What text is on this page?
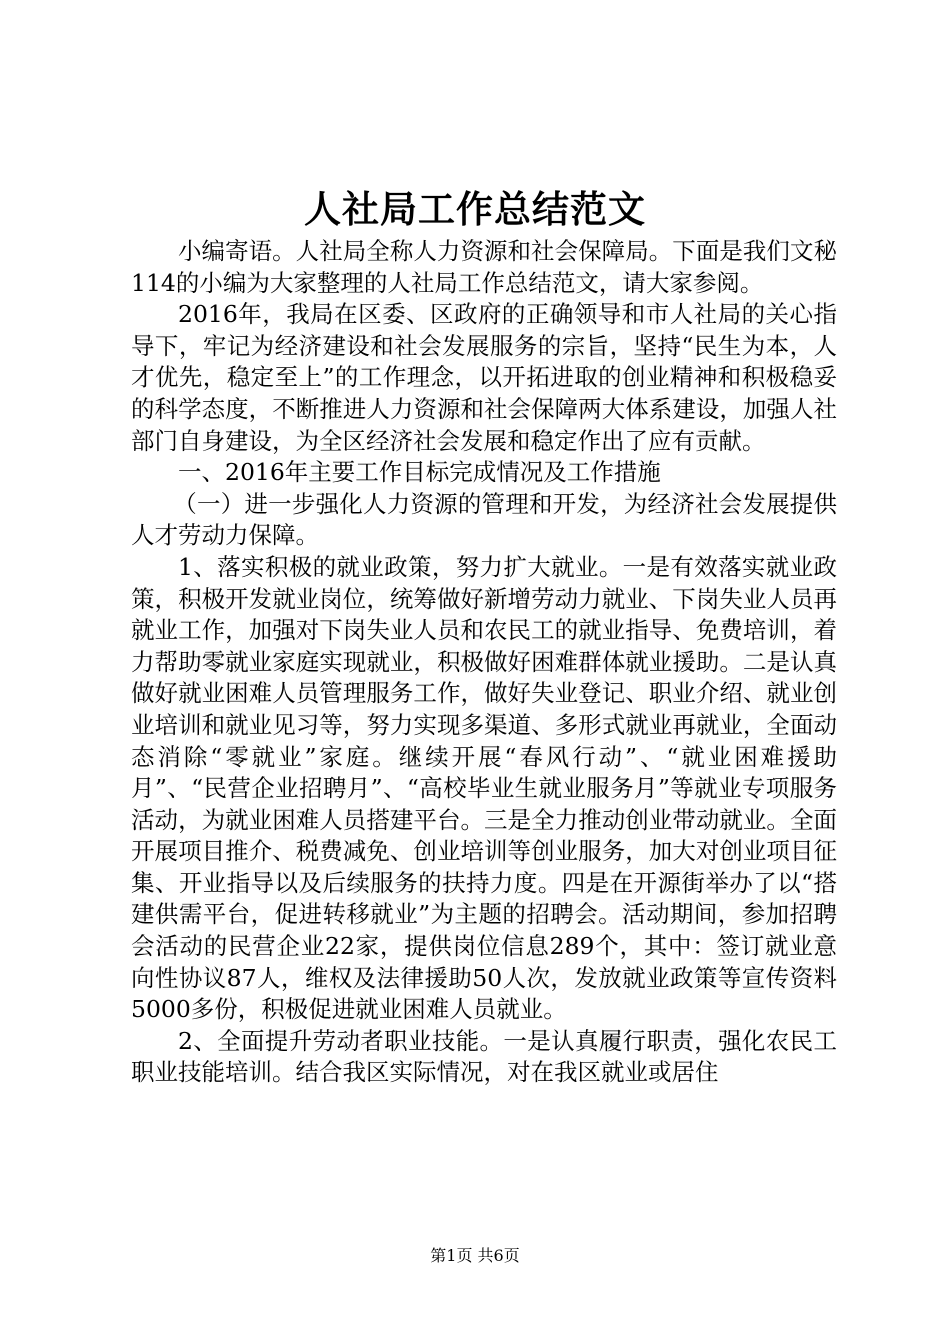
人社局工作总结范文

小编寄语。人社局全称人力资源和社会保障局。下面是我们文秘114的小编为大家整理的人社局工作总结范文，请大家参阅。

2016年，我局在区委、区政府的正确领导和市人社局的关心指导下，牢记为经济建设和社会发展服务的宗旨，坚持“民生为本，人才优先，稳定至上”的工作理念，以开拓进取的创业精神和积极稳妥的科学态度，不断推进人力资源和社会保障两大体系建设，加强人社部门自身建设，为全区经济社会发展和稳定作出了应有贡献。

一、2016年主要工作目标完成情况及工作措施

（一）进一步强化人力资源的管理和开发，为经济社会发展提供人才劳动力保障。

1、落实积极的就业政策，努力扩大就业。一是有效落实就业政策，积极开发就业岗位，统筹做好新增劳动力就业、下岗失业人员再就业工作，加强对下岗失业人员和农民工的就业指导、免费培训，着力帮助零就业家庭实现就业，积极做好困难群体就业援助。二是认真做好就业困难人员管理服务工作，做好失业登记、职业介绍、就业创业培训和就业见习等，努力实现多渠道、多形式就业再就业，全面动态消除“零就业”家庭。继续开展“春风行动”、“就业困难援助月”、“民营企业招聘月”、“高校毕业生就业服务月”等就业专项服务活动，为就业困难人员搭建平台。三是全力推动创业带动就业。全面开展项目推介、税费减免、创业培训等创业服务，加大对创业项目征集、开业指导以及后续服务的扶持力度。四是在开源街举办了以“搭建供需平台，促进转移就业”为主题的招聘会。活动期间，参加招聘会活动的民营企业22家，提供岗位信息289个，其中：签订就业意向性协议87人，维权及法律援助50人次，发放就业政策等宣传资料5000多份，积极促进就业困难人员就业。

2、全面提升劳动者职业技能。一是认真履行职责，强化农民工职业技能培训。结合我区实际情况，对在我区就业或居住

第1页 共6页
